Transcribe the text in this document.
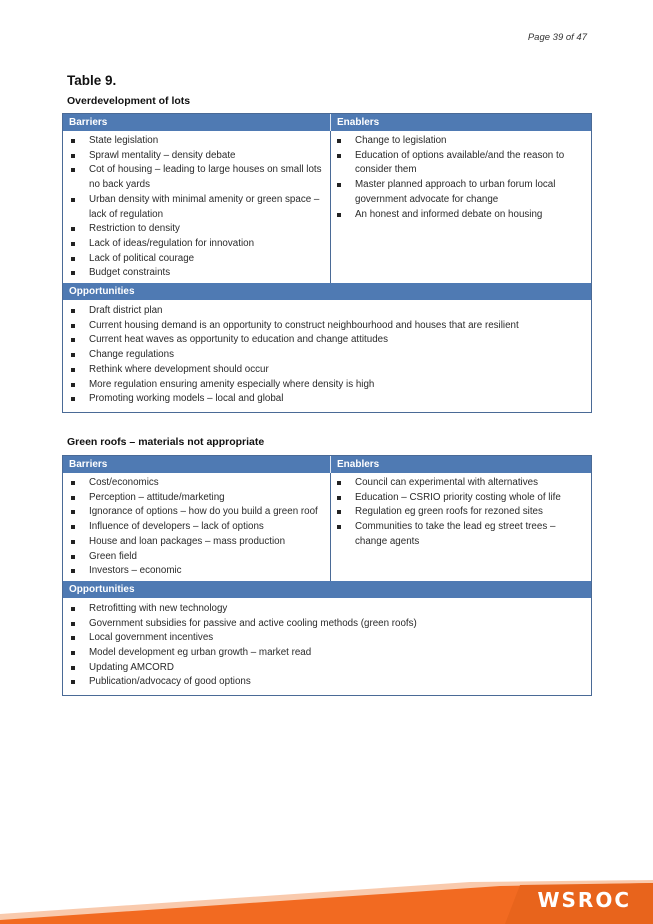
Page 39 of 47
Table 9.
Overdevelopment of lots
Barriers	Enablers
State legislation
Sprawl mentality – density debate
Cot of housing – leading to large houses on small lots no back yards
Urban density with minimal amenity or green space – lack of regulation
Restriction to density
Lack of ideas/regulation for innovation
Lack of political courage
Budget constraints
Change to legislation
Education of options available/and the reason to consider them
Master planned approach to urban forum local government advocate for change
An honest and informed debate on housing
Opportunities
Draft district plan
Current housing demand is an opportunity to construct neighbourhood and houses that are resilient
Current heat waves as opportunity to education and change attitudes
Change regulations
Rethink where development should occur
More regulation ensuring amenity especially where density is high
Promoting working models – local and global
Green roofs – materials not appropriate
Barriers	Enablers
Cost/economics
Perception – attitude/marketing
Ignorance of options – how do you build a green roof
Influence of developers – lack of options
House and loan packages – mass production
Green field
Investors – economic
Council can experimental with alternatives
Education – CSRIO priority costing whole of life
Regulation eg green roofs for rezoned sites
Communities to take the lead eg street trees – change agents
Opportunities
Retrofitting with new technology
Government subsidies for passive and active cooling methods (green roofs)
Local government incentives
Model development eg urban growth – market read
Updating AMCORD
Publication/advocacy of good options
WSROC
